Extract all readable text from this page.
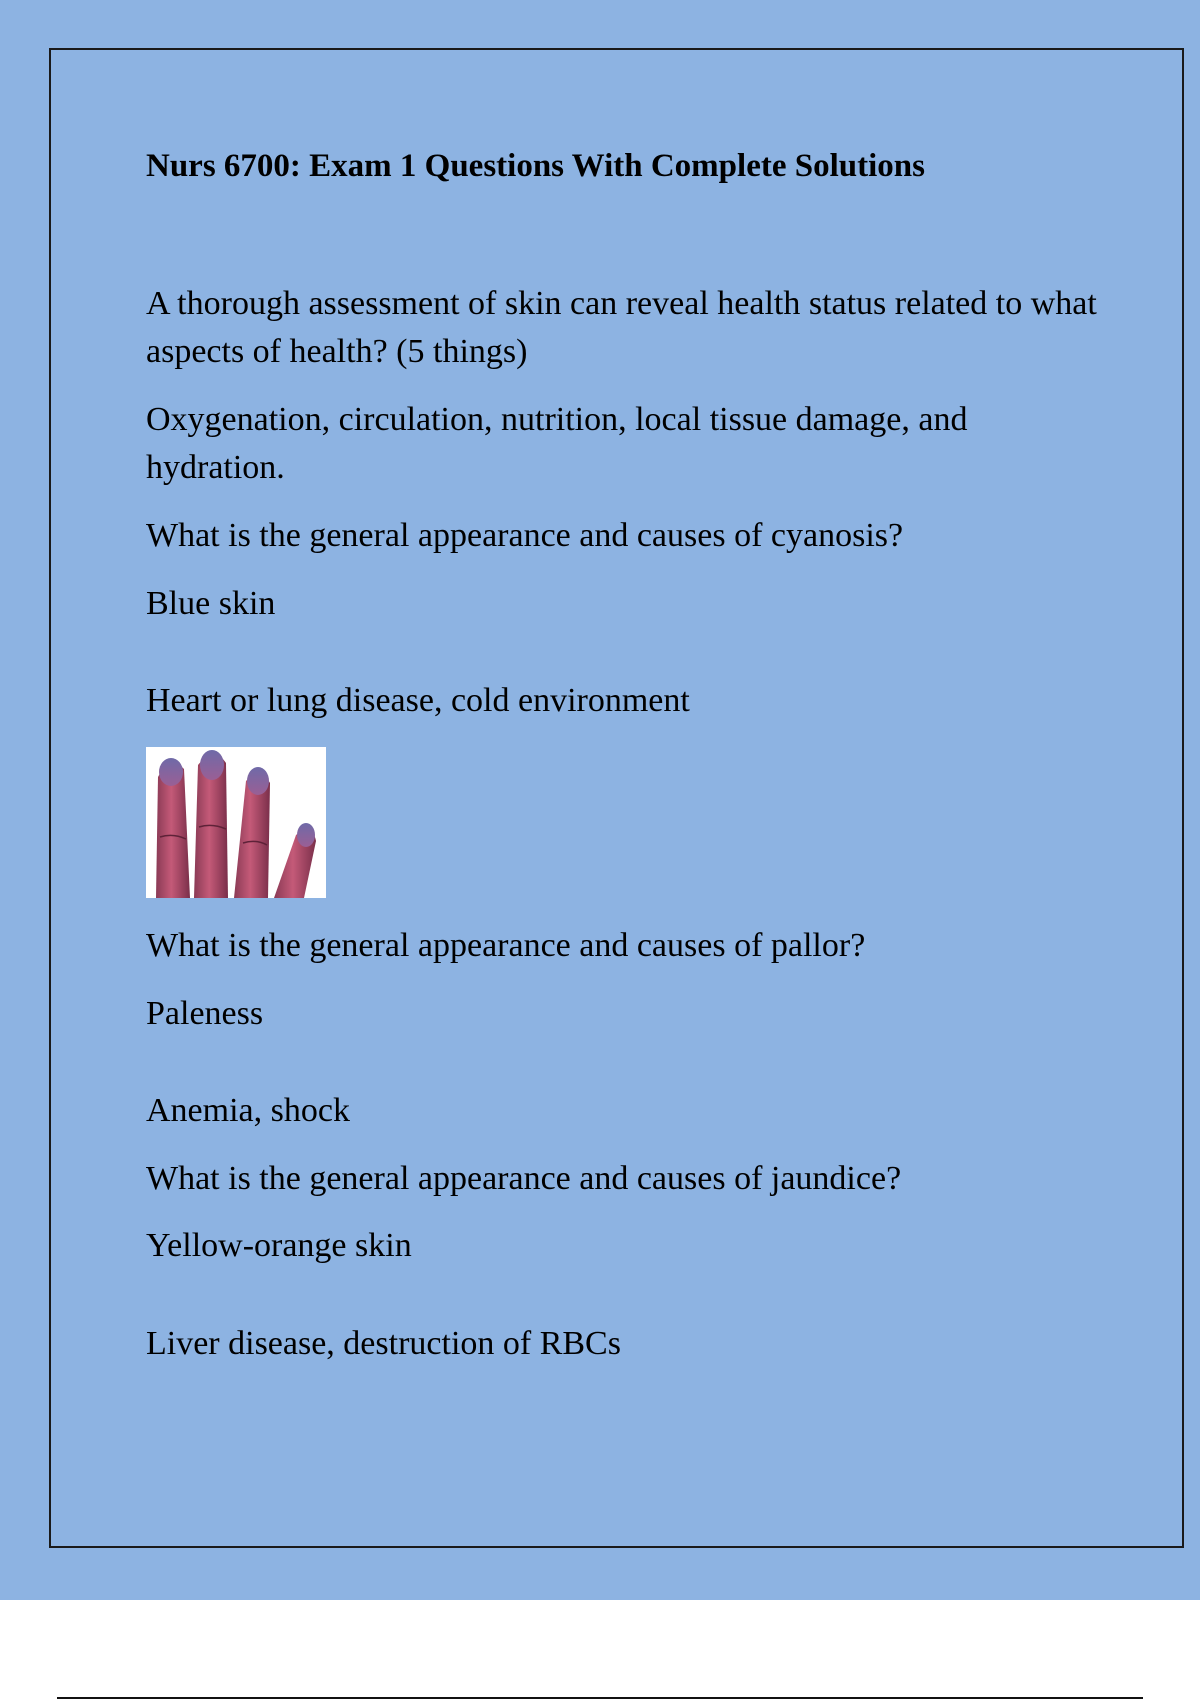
Nurs 6700: Exam 1 Questions With Complete Solutions

A thorough assessment of skin can reveal health status related to what aspects of health? (5 things)

Oxygenation, circulation, nutrition, local tissue damage, and hydration.

What is the general appearance and causes of cyanosis?

Blue skin

Heart or lung disease, cold environment

What is the general appearance and causes of pallor?

Paleness

Anemia, shock

What is the general appearance and causes of jaundice?

Yellow-orange skin

Liver disease, destruction of RBCs
